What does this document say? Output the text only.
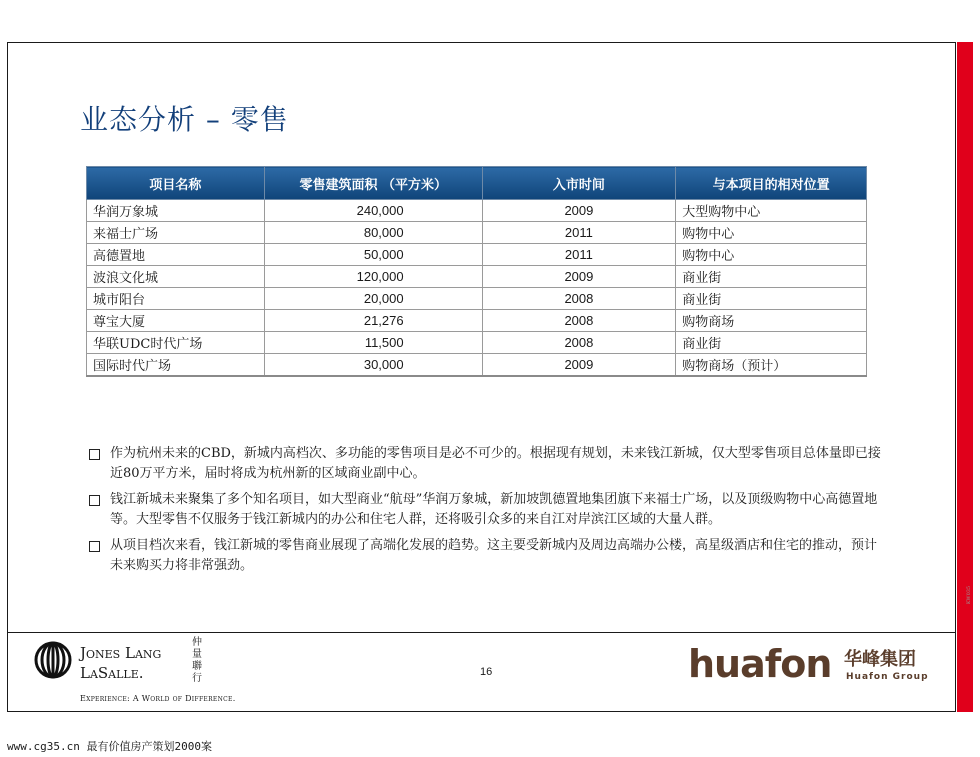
业态分析 – 零售
项目名称	零售建筑面积 （平方米）	入市时间	与本项目的相对位置
华润万象城	240,000	2009	大型购物中心
来福士广场	80,000	2011	购物中心
高德置地	50,000	2011	购物中心
波浪文化城	120,000	2009	商业街
城市阳台	20,000	2008	商业街
尊宝大厦	21,276	2008	购物商场
华联UDC时代广场	11,500	2008	商业街
国际时代广场	30,000	2009	购物商场（预计）
作为杭州未来的CBD，新城内高档次、多功能的零售项目是必不可少的。根据现有规划，未来钱江新城，仅大型零售项目总体量即已接近80万平方米，届时将成为杭州新的区域商业副中心。
钱江新城未来聚集了多个知名项目，如大型商业“航母”华润万象城，新加坡凯德置地集团旗下来福士广场，以及顶级购物中心高德置地等。大型零售不仅服务于钱江新城内的办公和住宅人群，还将吸引众多的来自江对岸滨江区域的大量人群。
从项目档次来看，钱江新城的零售商业展现了高端化发展的趋势。这主要受新城内及周边高端办公楼，高星级酒店和住宅的推动，预计未来购买力将非常强劲。
Jones Lang
LaSalle.
仲量聯行
Experience: A World of Difference.
16	huafon 华峰集团
Huafon Group
KW035
www.cg35.cn 最有价值房产策划2000案
